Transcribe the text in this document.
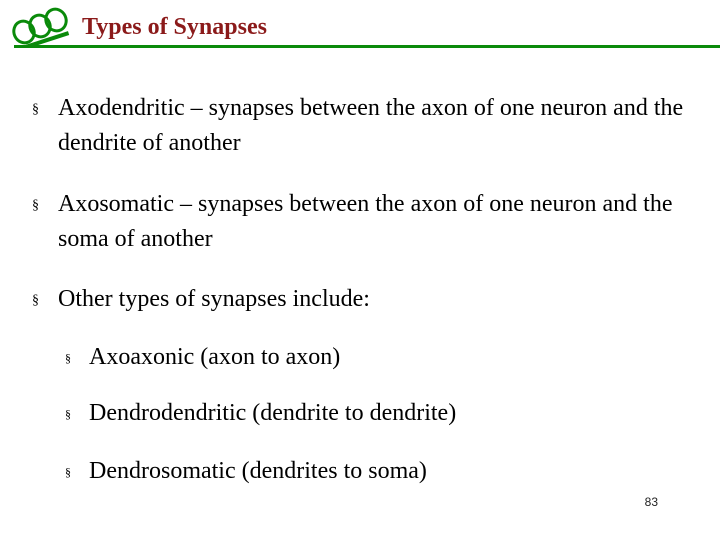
Types of Synapses
§ Axodendritic – synapses between the axon of one neuron and the dendrite of another
§ Axosomatic – synapses between the axon of one neuron and the soma of another
§ Other types of synapses include:
§ Axoaxonic (axon to axon)
§ Dendrodendritic (dendrite to dendrite)
§ Dendrosomatic (dendrites to soma)
83
